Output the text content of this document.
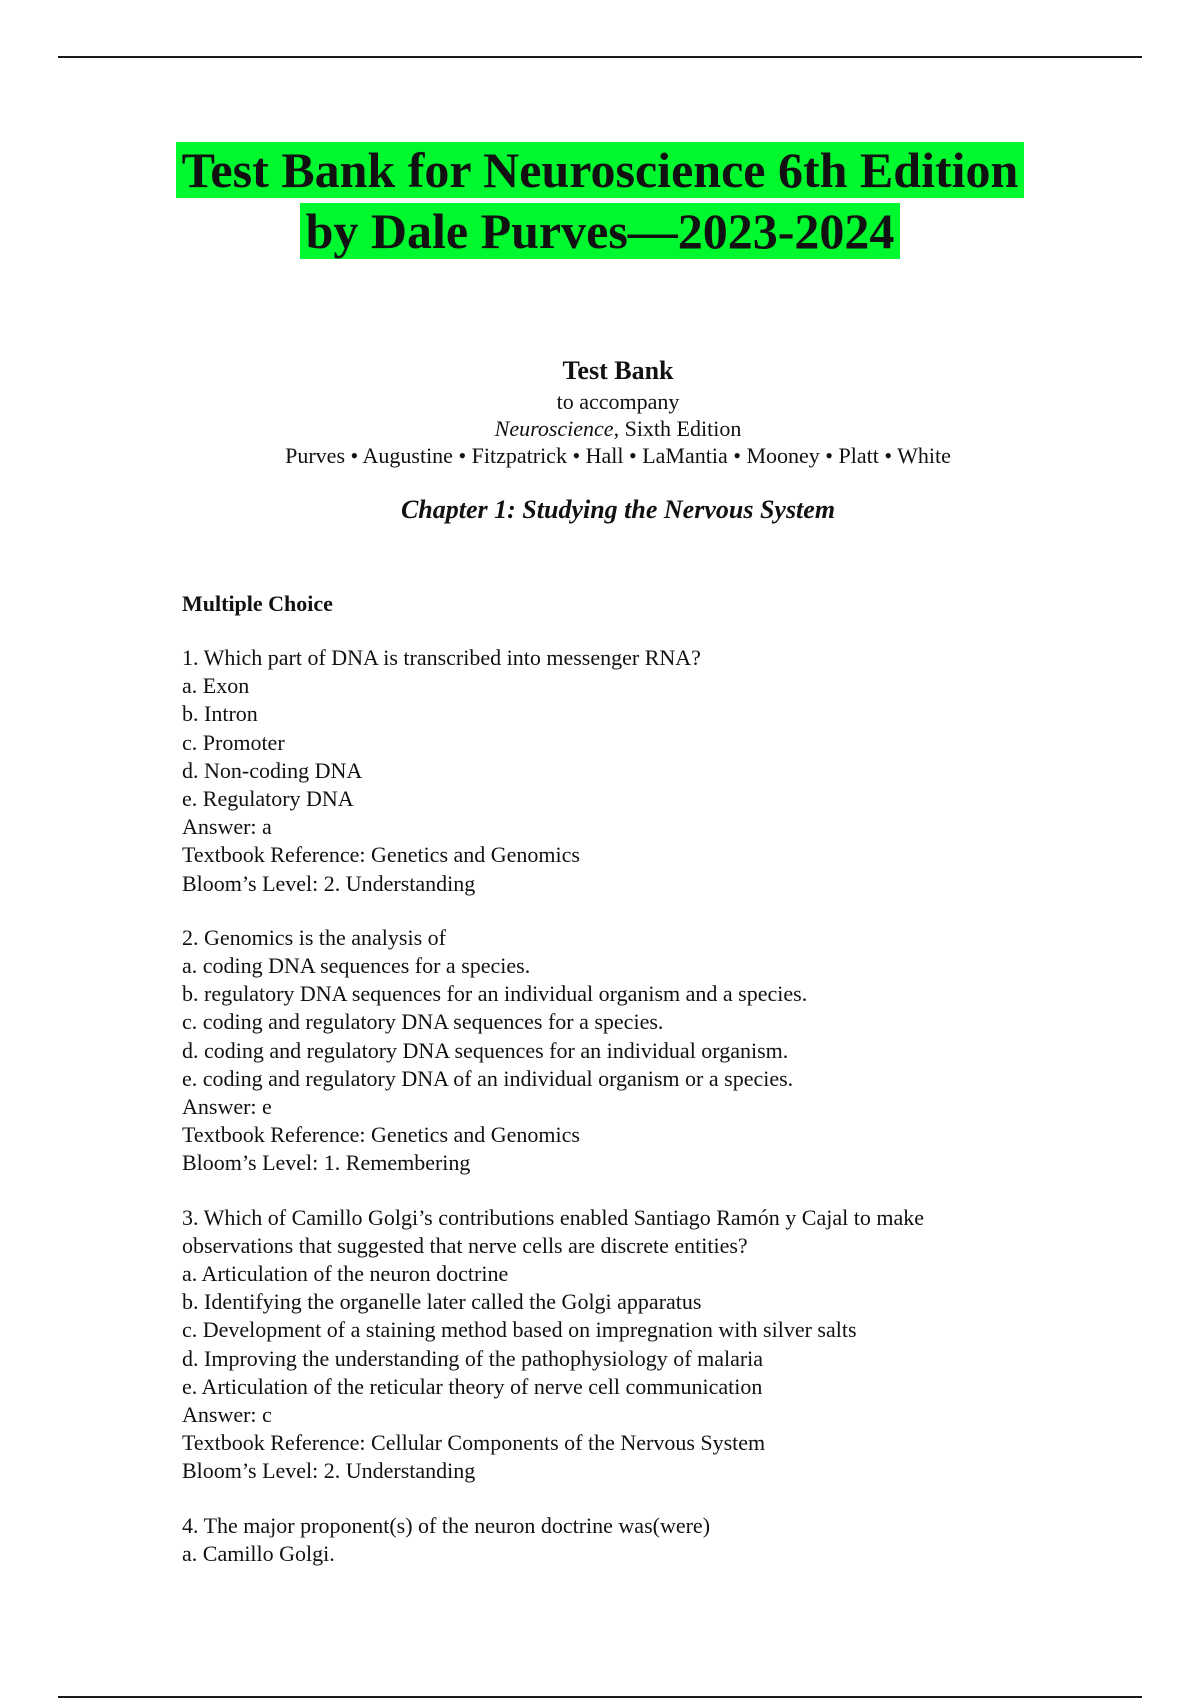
Test Bank for Neuroscience 6th Edition
by Dale Purves—2023-2024
Test Bank
to accompany
Neuroscience, Sixth Edition
Purves • Augustine • Fitzpatrick • Hall • LaMantia • Mooney • Platt • White
Chapter 1: Studying the Nervous System
Multiple Choice
1. Which part of DNA is transcribed into messenger RNA?
a. Exon
b. Intron
c. Promoter
d. Non-coding DNA
e. Regulatory DNA
Answer: a
Textbook Reference: Genetics and Genomics
Bloom’s Level: 2. Understanding
2. Genomics is the analysis of
a. coding DNA sequences for a species.
b. regulatory DNA sequences for an individual organism and a species.
c. coding and regulatory DNA sequences for a species.
d. coding and regulatory DNA sequences for an individual organism.
e. coding and regulatory DNA of an individual organism or a species.
Answer: e
Textbook Reference: Genetics and Genomics
Bloom’s Level: 1. Remembering
3. Which of Camillo Golgi’s contributions enabled Santiago Ramón y Cajal to make
observations that suggested that nerve cells are discrete entities?
a. Articulation of the neuron doctrine
b. Identifying the organelle later called the Golgi apparatus
c. Development of a staining method based on impregnation with silver salts
d. Improving the understanding of the pathophysiology of malaria
e. Articulation of the reticular theory of nerve cell communication
Answer: c
Textbook Reference: Cellular Components of the Nervous System
Bloom’s Level: 2. Understanding
4. The major proponent(s) of the neuron doctrine was(were)
a. Camillo Golgi.
